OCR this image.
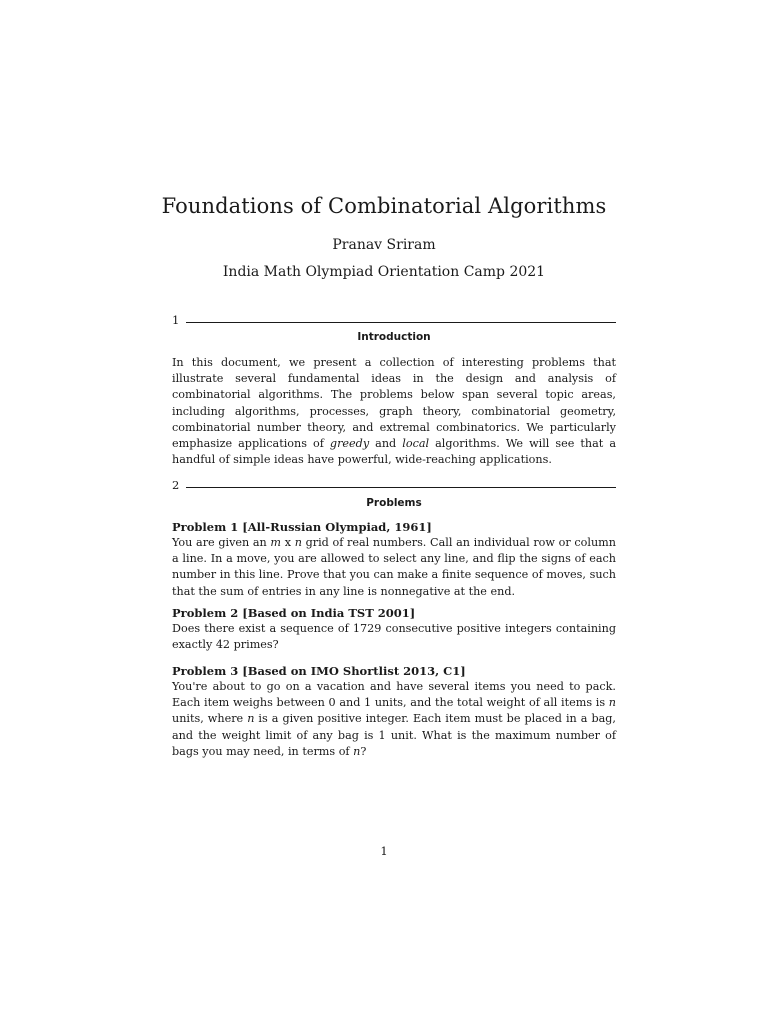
Foundations of Combinatorial Algorithms
Pranav Sriram
India Math Olympiad Orientation Camp 2021
1
Introduction
In this document, we present a collection of interesting problems that illustrate several fundamental ideas in the design and analysis of combinatorial algorithms. The problems below span several topic areas, including algorithms, processes, graph theory, combinatorial geometry, combinatorial number theory, and extremal combinatorics. We particularly emphasize applications of greedy and local algorithms. We will see that a handful of simple ideas have powerful, wide-reaching applications.
2
Problems
Problem 1 [All-Russian Olympiad, 1961]
You are given an m x n grid of real numbers. Call an individual row or column a line. In a move, you are allowed to select any line, and flip the signs of each number in this line. Prove that you can make a finite sequence of moves, such that the sum of entries in any line is nonnegative at the end.
Problem 2 [Based on India TST 2001]
Does there exist a sequence of 1729 consecutive positive integers containing exactly 42 primes?
Problem 3 [Based on IMO Shortlist 2013, C1]
You're about to go on a vacation and have several items you need to pack. Each item weighs between 0 and 1 units, and the total weight of all items is n units, where n is a given positive integer. Each item must be placed in a bag, and the weight limit of any bag is 1 unit. What is the maximum number of bags you may need, in terms of n?
1
